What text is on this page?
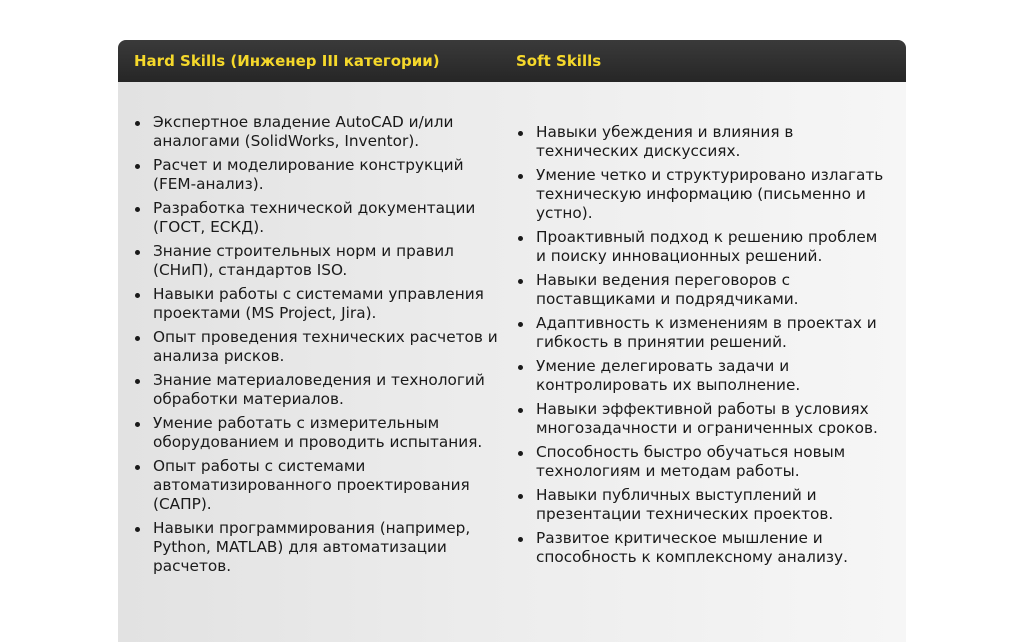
Hard Skills (Инженер III категории)	Soft Skills
Экспертное владение AutoCAD и/или аналогами (SolidWorks, Inventor).
Расчет и моделирование конструкций (FEM-анализ).
Разработка технической документации (ГОСТ, ЕСКД).
Знание строительных норм и правил (СНиП), стандартов ISO.
Навыки работы с системами управления проектами (MS Project, Jira).
Опыт проведения технических расчетов и анализа рисков.
Знание материаловедения и технологий обработки материалов.
Умение работать с измерительным оборудованием и проводить испытания.
Опыт работы с системами автоматизированного проектирования (САПР).
Навыки программирования (например, Python, MATLAB) для автоматизации расчетов.
Навыки убеждения и влияния в технических дискуссиях.
Умение четко и структурировано излагать техническую информацию (письменно и устно).
Проактивный подход к решению проблем и поиску инновационных решений.
Навыки ведения переговоров с поставщиками и подрядчиками.
Адаптивность к изменениям в проектах и гибкость в принятии решений.
Умение делегировать задачи и контролировать их выполнение.
Навыки эффективной работы в условиях многозадачности и ограниченных сроков.
Способность быстро обучаться новым технологиям и методам работы.
Навыки публичных выступлений и презентации технических проектов.
Развитое критическое мышление и способность к комплексному анализу.
